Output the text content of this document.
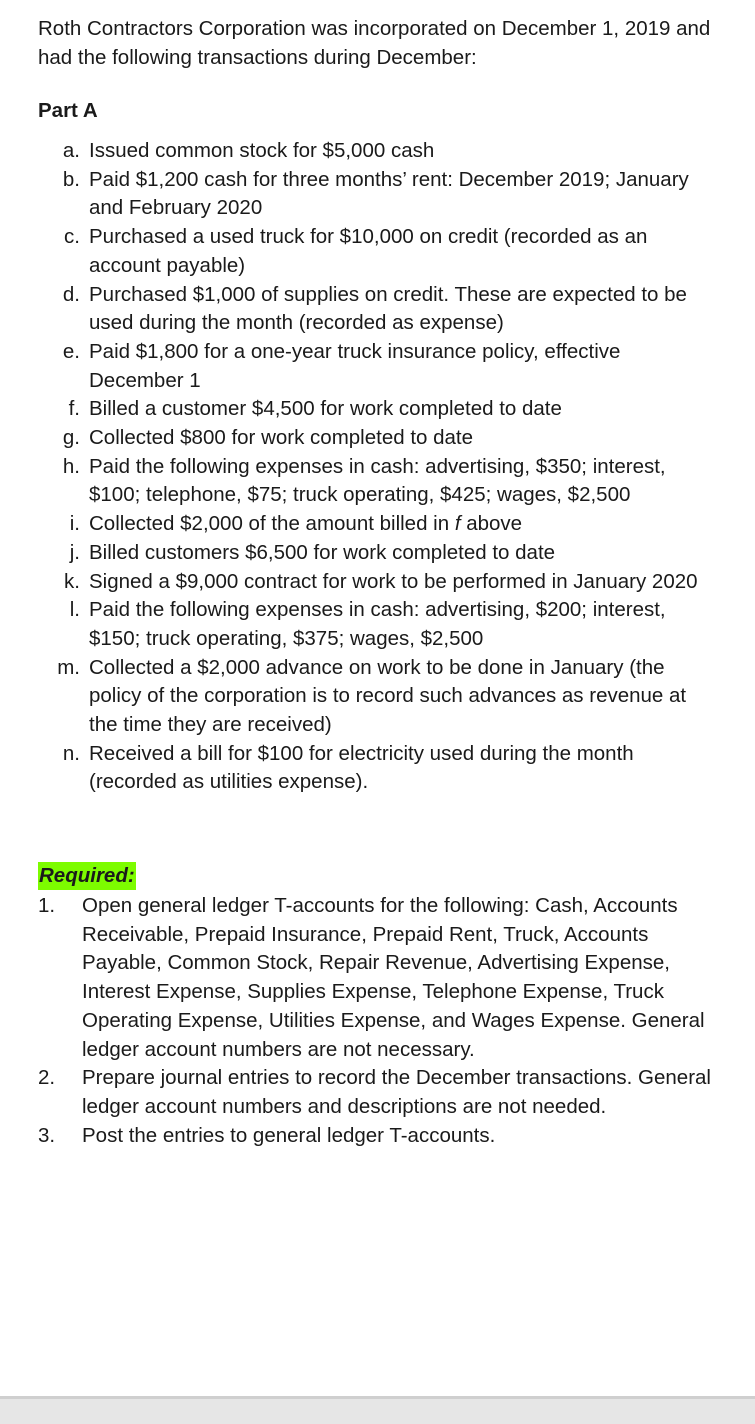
Roth Contractors Corporation was incorporated on December 1, 2019 and had the following transactions during December:
Part A
a. Issued common stock for $5,000 cash
b. Paid $1,200 cash for three months’ rent: December 2019; January and February 2020
c. Purchased a used truck for $10,000 on credit (recorded as an account payable)
d. Purchased $1,000 of supplies on credit. These are expected to be used during the month (recorded as expense)
e. Paid $1,800 for a one-year truck insurance policy, effective December 1
f. Billed a customer $4,500 for work completed to date
g. Collected $800 for work completed to date
h. Paid the following expenses in cash: advertising, $350; interest, $100; telephone, $75; truck operating, $425; wages, $2,500
i. Collected $2,000 of the amount billed in f above
j. Billed customers $6,500 for work completed to date
k. Signed a $9,000 contract for work to be performed in January 2020
l. Paid the following expenses in cash: advertising, $200; interest, $150; truck operating, $375; wages, $2,500
m. Collected a $2,000 advance on work to be done in January (the policy of the corporation is to record such advances as revenue at the time they are received)
n. Received a bill for $100 for electricity used during the month (recorded as utilities expense).
Required:
1.	Open general ledger T-accounts for the following: Cash, Accounts Receivable, Prepaid Insurance, Prepaid Rent, Truck, Accounts Payable, Common Stock, Repair Revenue, Advertising Expense, Interest Expense, Supplies Expense, Telephone Expense, Truck Operating Expense, Utilities Expense, and Wages Expense. General ledger account numbers are not necessary.
2.	Prepare journal entries to record the December transactions. General ledger account numbers and descriptions are not needed.
3.	Post the entries to general ledger T-accounts.
